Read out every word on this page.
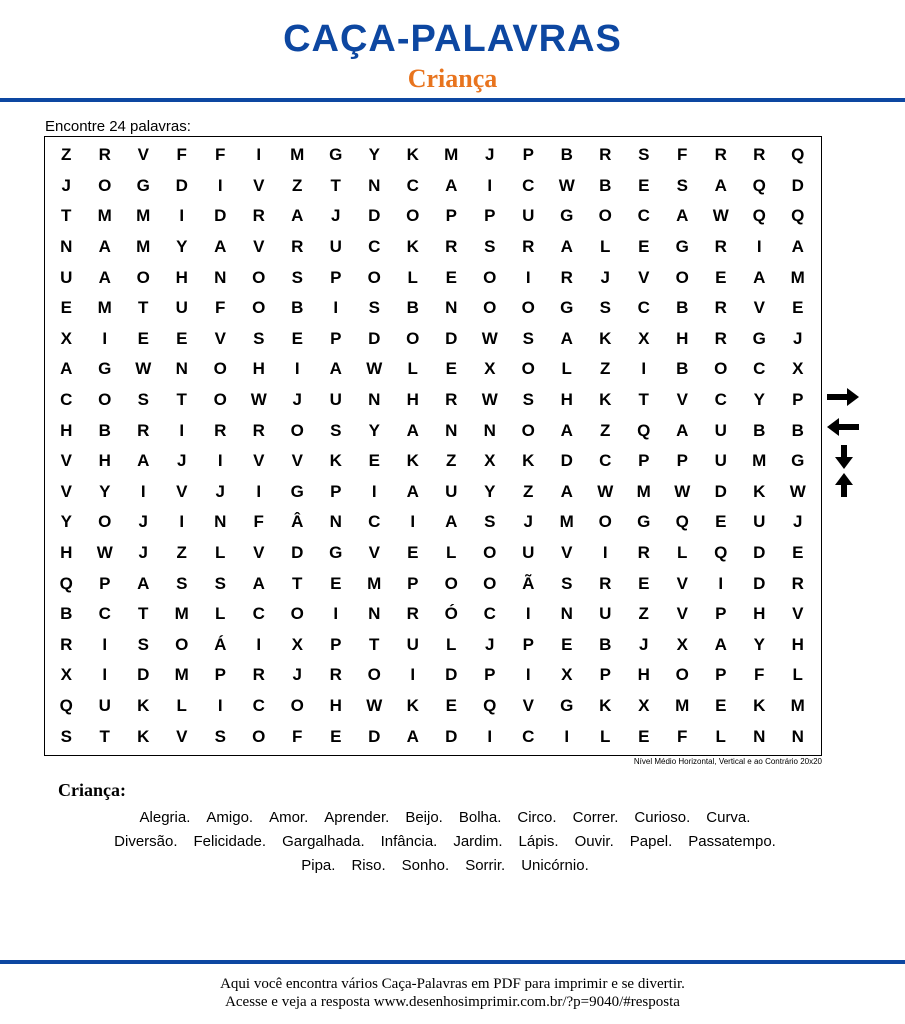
CAÇA-PALAVRAS
Criança
Encontre 24 palavras:
Z	R	V	F	F	I	M	G	Y	K	M	J	P	B	R	S	F	R	R	Q
J	O	G	D	I	V	Z	T	N	C	A	I	C	W	B	E	S	A	Q	D
T	M	M	I	D	R	A	J	D	O	P	P	U	G	O	C	A	W	Q	Q
N	A	M	Y	A	V	R	U	C	K	R	S	R	A	L	E	G	R	I	A
U	A	O	H	N	O	S	P	O	L	E	O	I	R	J	V	O	E	A	M
E	M	T	U	F	O	B	I	S	B	N	O	O	G	S	C	B	R	V	E
X	I	E	E	V	S	E	P	D	O	D	W	S	A	K	X	H	R	G	J
A	G	W	N	O	H	I	A	W	L	E	X	O	L	Z	I	B	O	C	X
C	O	S	T	O	W	J	U	N	H	R	W	S	H	K	T	V	C	Y	P
H	B	R	I	R	R	O	S	Y	A	N	N	O	A	Z	Q	A	U	B	B
V	H	A	J	I	V	V	K	E	K	Z	X	K	D	C	P	P	U	M	G
V	Y	I	V	J	I	G	P	I	A	U	Y	Z	A	W	M	W	D	K	W
Y	O	J	I	N	F	Â	N	C	I	A	S	J	M	O	G	Q	E	U	J
H	W	J	Z	L	V	D	G	V	E	L	O	U	V	I	R	L	Q	D	E
Q	P	A	S	S	A	T	E	M	P	O	O	Ã	S	R	E	V	I	D	R
B	C	T	M	L	C	O	I	N	R	Ó	C	I	N	U	Z	V	P	H	V
R	I	S	O	Á	I	X	P	T	U	L	J	P	E	B	J	X	A	Y	H
X	I	D	M	P	R	J	R	O	I	D	P	I	X	P	H	O	P	F	L
Q	U	K	L	I	C	O	H	W	K	E	Q	V	G	K	X	M	E	K	M
S	T	K	V	S	O	F	E	D	A	D	I	C	I	L	E	F	L	N	N
Nível Médio Horizontal, Vertical e ao Contrário 20x20
Criança:
Alegria. Amigo. Amor. Aprender. Beijo. Bolha. Circo. Correr. Curioso. Curva.
Diversão. Felicidade. Gargalhada. Infância. Jardim. Lápis. Ouvir. Papel. Passatempo.
Pipa. Riso. Sonho. Sorrir. Unicórnio.
Aqui você encontra vários Caça-Palavras em PDF para imprimir e se divertir.
Acesse e veja a resposta www.desenhosimprimir.com.br/?p=9040/#resposta
